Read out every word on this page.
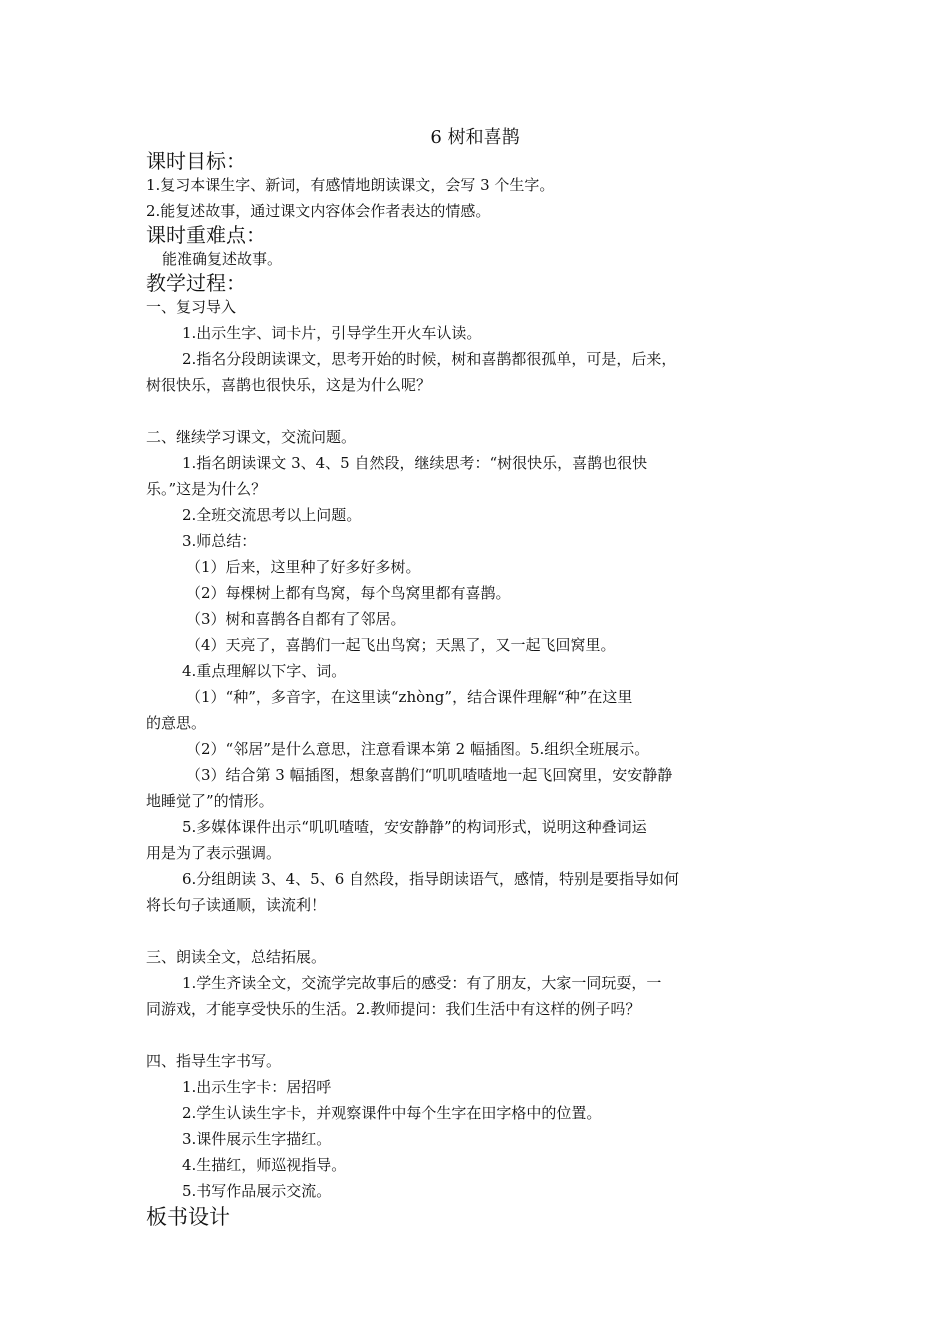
6 树和喜鹊

课时目标：

1.复习本课生字、新词，有感情地朗读课文，会写 3 个生字。

2.能复述故事，通过课文内容体会作者表达的情感。

课时重难点：

能准确复述故事。

教学过程：

一、复习导入

1.出示生字、词卡片，引导学生开火车认读。

2.指名分段朗读课文，思考开始的时候，树和喜鹊都很孤单，可是，后来，

树很快乐，喜鹊也很快乐，这是为什么呢？

二、继续学习课文，交流问题。

1.指名朗读课文 3、4、5 自然段，继续思考：“树很快乐，喜鹊也很快

乐。”这是为什么？

2.全班交流思考以上问题。

3.师总结：

（1）后来，这里种了好多好多树。

（2）每棵树上都有鸟窝，每个鸟窝里都有喜鹊。

（3）树和喜鹊各自都有了邻居。

（4）天亮了，喜鹊们一起飞出鸟窝；天黑了，又一起飞回窝里。

4.重点理解以下字、词。

（1）“种”，多音字，在这里读“zhòng”，结合课件理解“种”在这里

的意思。

（2）“邻居”是什么意思，注意看课本第 2 幅插图。5.组织全班展示。

（3）结合第 3 幅插图，想象喜鹊们“叽叽喳喳地一起飞回窝里，安安静静

地睡觉了”的情形。

5.多媒体课件出示“叽叽喳喳，安安静静”的构词形式，说明这种叠词运

用是为了表示强调。

6.分组朗读 3、4、5、6 自然段，指导朗读语气，感情，特别是要指导如何

将长句子读通顺，读流利！

三、朗读全文，总结拓展。

1.学生齐读全文，交流学完故事后的感受：有了朋友，大家一同玩耍，一

同游戏，才能享受快乐的生活。2.教师提问：我们生活中有这样的例子吗？

四、指导生字书写。

1.出示生字卡：居招呼

2.学生认读生字卡，并观察课件中每个生字在田字格中的位置。

3.课件展示生字描红。

4.生描红，师巡视指导。

5.书写作品展示交流。

板书设计
